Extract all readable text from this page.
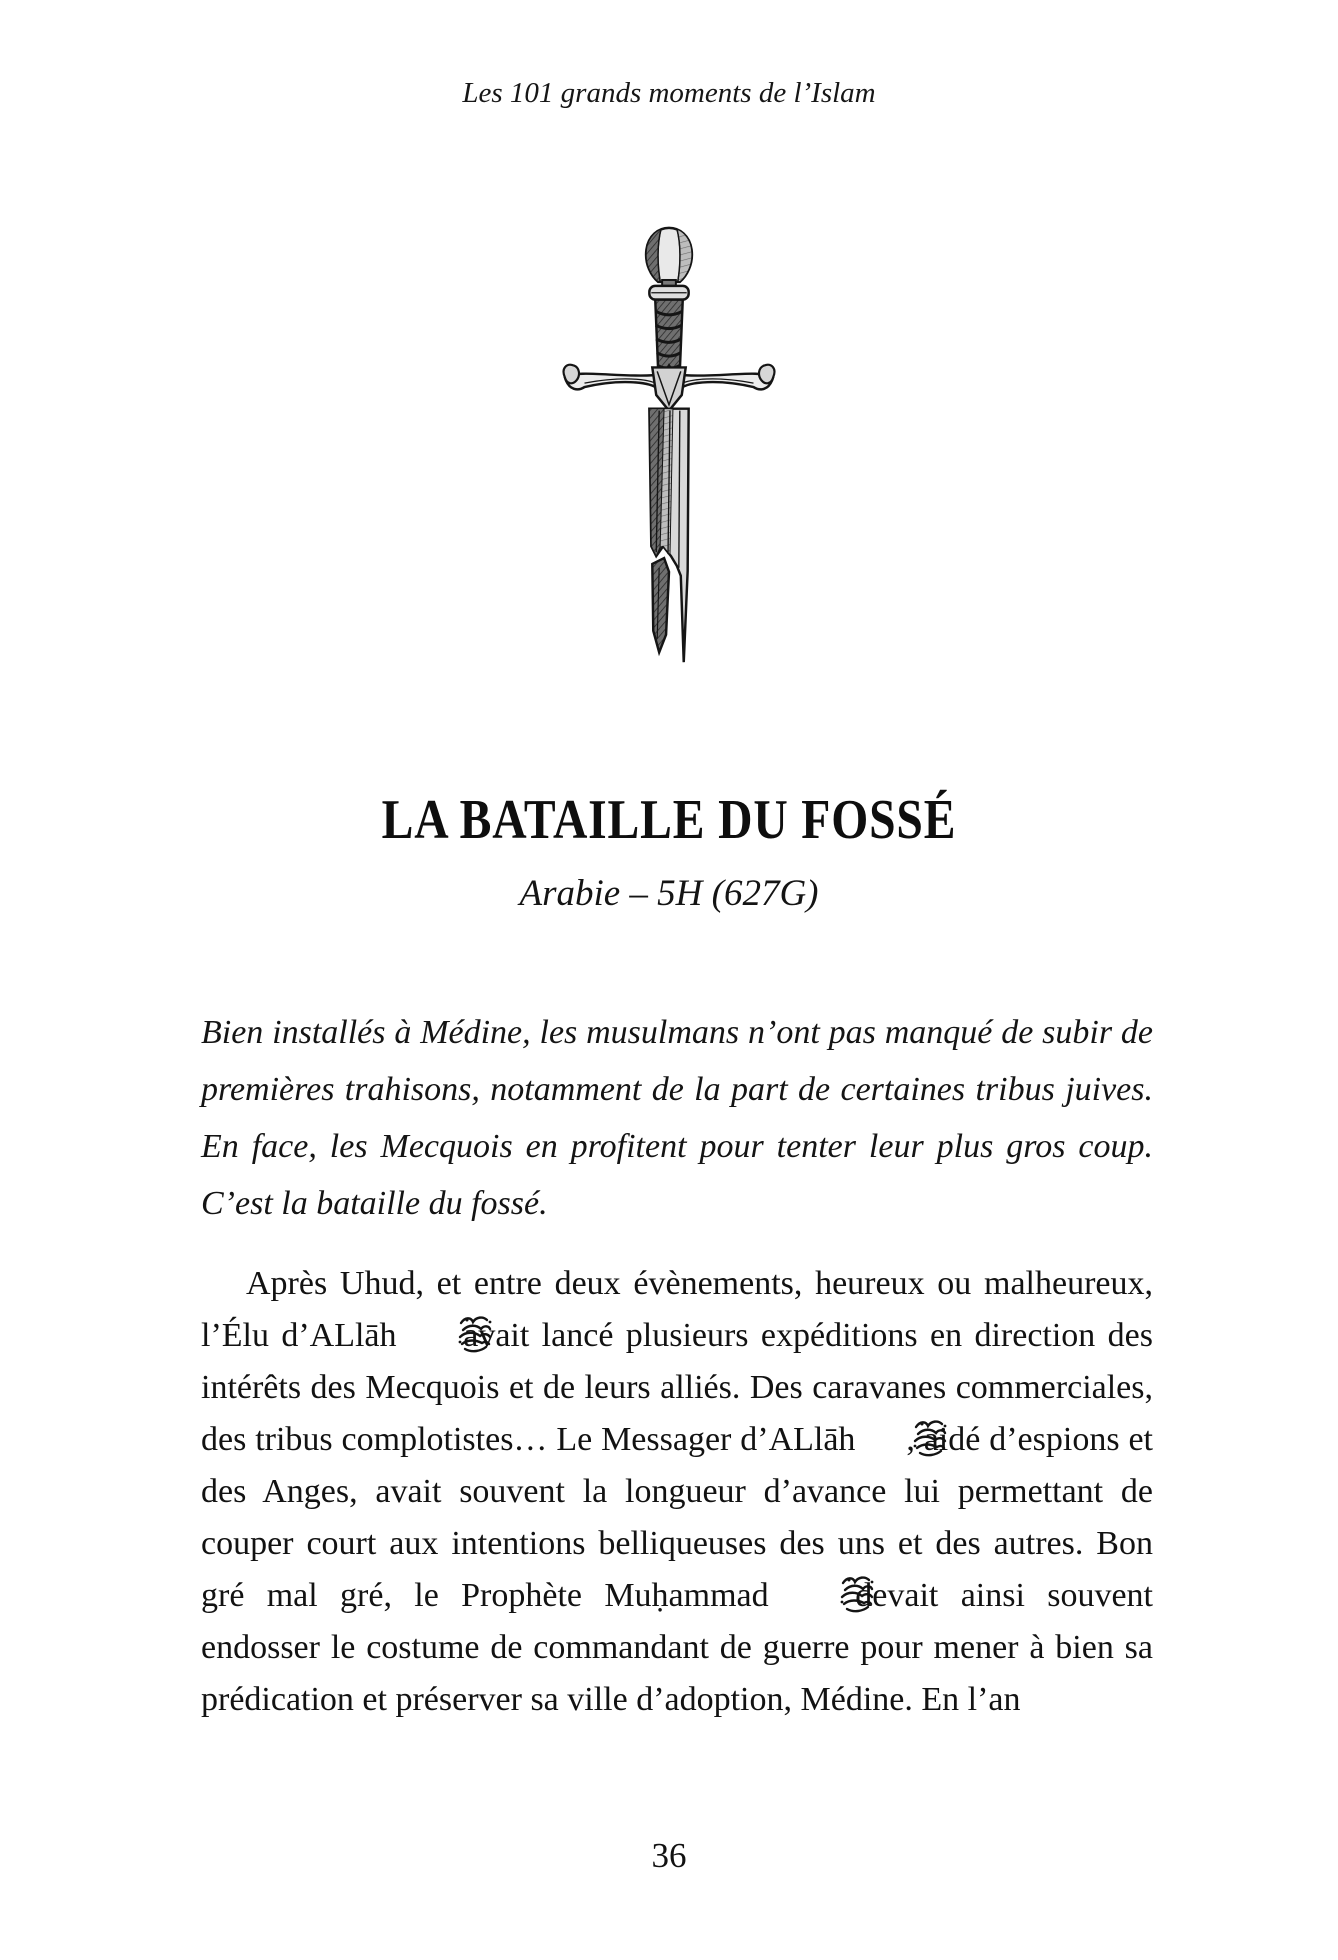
Les 101 grands moments de l’Islam
LA BATAILLE DU FOSSÉ
Arabie – 5H (627G)

Bien installés à Médine, les musulmans n’ont pas manqué de subir de premières trahisons, notamment de la part de certaines tribus juives. En face, les Mecquois en profitent pour tenter leur plus gros coup. C’est la bataille du fossé.

Après Uhud, et entre deux évènements, heureux ou malheureux, l’Élu d’ALlāh  avait lancé plusieurs expéditions en direction des intérêts des Mecquois et de leurs alliés. Des caravanes commerciales, des tribus complotistes… Le Messager d’ALlāh , aidé d’espions et des Anges, avait souvent la longueur d’avance lui permettant de couper court aux intentions belliqueuses des uns et des autres. Bon gré mal gré, le Prophète Muḥammad  devait ainsi souvent endosser le costume de commandant de guerre pour mener à bien sa prédication et préserver sa ville d’adoption, Médine. En l’an

36
